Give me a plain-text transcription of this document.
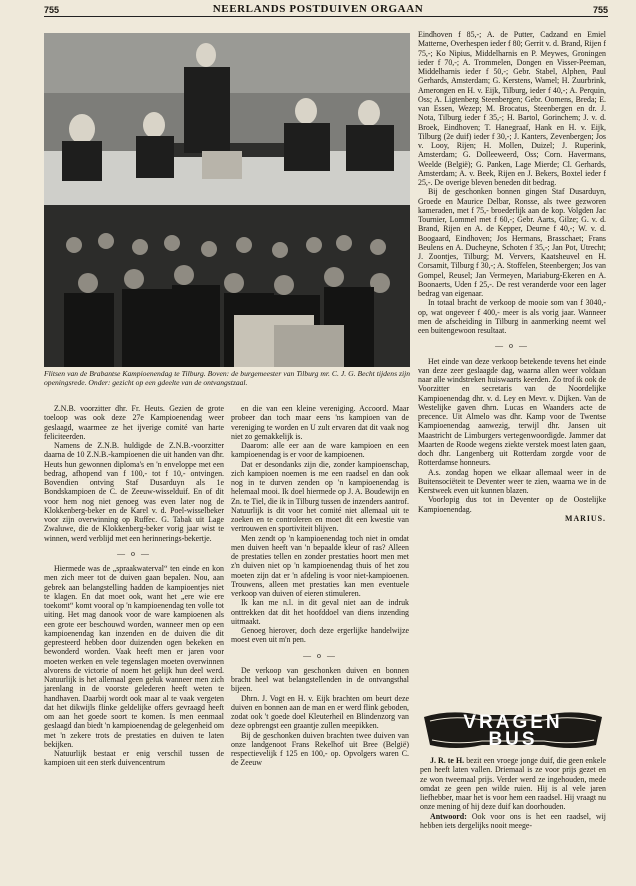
755	NEERLANDS POSTDUIVEN ORGAAN	755
Flitsen van de Brabantse Kampioenendag te Tilburg. Boven: de burgemeester van Tilburg mr. C. J. G. Becht tijdens zijn openingsrede. Onder: gezicht op een gdeelte van de ontvangstzaal.

Z.N.B. voorzitter dhr. Fr. Heuts. Gezien de grote toeloop was ook deze 27e Kampioenendag weer geslaagd, waarmee ze het ijverige comité van harte feliciteerden.

Namens de Z.N.B. huldigde de Z.N.B.-voorzitter daarna de 10 Z.N.B.-kampioenen die uit handen van dhr. Heuts hun gewonnen diploma's en 'n enveloppe met een bedrag, afhopend van f 100,- tot f 10,- ontvingen. Bovendien ontving Staf Dusarduyn als 1e Bondskampioen de C. de Zeeuw-wisselduif. En of dit voor hem nog niet genoeg was even later nog de Klokkenberg-beker en de Karel v. d. Poel-wisselbeker voor zijn overwinning op Ruffec. G. Tabak uit Lage Zwaluwe, die de Klokkenberg-beker vorig jaar wist te winnen, werd verblijd met een herinnerings-bekertje.

— o —

Hiermede was de „spraakwaterval“ ten einde en kon men zich meer tot de duiven gaan bepalen. Nou, aan gebrek aan belangstelling hadden de kampioentjes niet te klagen. En dat moet ook, want het „ere wie ere toekomt“ komt vooral op 'n kampioenendag ten volle tot uiting. Het mag danook voor de ware kampioenen als een grote eer beschouwd worden, wanneer men op een kampioenendag kan inzenden en de duiven die dit gepresteerd hebben door duizenden ogen bekeken en bewonderd worden. Vaak heeft men er jaren voor moeten werken en vele tegenslagen moeten overwinnen alvorens de victorie of noem het gelijk hun deel werd. Natuurlijk is het allemaal geen geluk wanneer men zich jarenlang in de voorste gelederen heeft weten te handhaven. Daarbij wordt ook maar al te vaak vergeten dat het dikwijls flinke geldelijke offers gevraagd heeft om aan het goede soort te komen. Is men eenmaal geslaagd dan biedt 'n kampioenendag de gelegenheid om met 'n zekere trots de prestaties en duiven te laten bekijken.

Natuurlijk bestaat er enig verschil tussen de kampioen uit een sterk duivencentrum

en die van een kleine vereniging. Accoord. Maar probeer dan toch maar eens 'ns kampioen van de vereniging te worden en U zult ervaren dat dit vaak nog niet zo gemakkelijk is.

Daarom: alle eer aan de ware kampioen en een kampioenendag is er voor de kampioenen.

Dat er desondanks zijn die, zonder kampioenschap, zich kampioen noemen is me een raadsel en dan ook nog in te durven zenden op 'n kampioenendag is helemaal mooi. Ik doel hiermede op J. A. Boudewijn en Zn. te Tiel, die ik in Tilburg tussen de inzenders aantrof. Natuurlijk is dit voor het comité niet allemaal uit te zoeken en te controleren en moet dit een kwestie van vertrouwen en sportiviteit blijven.

Men zendt op 'n kampioenendag toch niet in omdat men duiven heeft van 'n bepaalde kleur of ras? Alleen de prestaties tellen en zonder prestaties hoort men met z'n duiven niet op 'n kampioenendag thuis of het zou moeten zijn dat er 'n afdeling is voor niet-kampioenen. Trouwens, alleen met prestaties kan men eventuele verkoop van duiven of eieren stimuleren.

Ik kan me n.l. in dit geval niet aan de indruk onttrekken dat dit het hoofddoel van diens inzending uitmaakt.

Genoeg hierover, doch deze ergerlijke handelwijze moest even uit m'n pen.

— o —

De verkoop van geschonken duiven en bonnen bracht heel wat belangstellenden in de ontvangsthal bijeen.

Dhrn. J. Vogt en H. v. Eijk brachten om beurt deze duiven en bonnen aan de man en er werd flink geboden, zodat ook 't goede doel Kleuterheil en Blindenzorg van deze opbrengst een graantje zullen meepikken.

Bij de geschonken duiven brachten twee duiven van onze landgenoot Frans Rekelhof uit Bree (België) respectievelijk f 125 en 100,- op. Opvolgers waren C. de Zeeuw

Eindhoven f 85,-; A. de Putter, Cadzand en Emiel Matterne, Overhespen ieder f 80; Gerrit v. d. Brand, Rijen f 75,-; Ko Nipius, Middelharnis en P. Meywes, Groningen ieder f 70,-; A. Trommelen, Dongen en Visser-Peeman, Middelharnis ieder f 50,-; Gebr. Stabel, Alphen, Paul Gerhards, Amsterdam; G. Kerstens, Wamel; H. Zuurbrink, Amerongen en H. v. Eijk, Tilburg, ieder f 40,-; A. Perquin, Oss; A. Ligtenberg Steenbergen; Gebr. Oomens, Breda; E. van Essen, Wezep; M. Brocatus, Steenbergen en dr. J. Nota, Tilburg ieder f 35,-; H. Bartol, Gorinchem; J. v. d. Broek, Eindhoven; T. Hanegraaf, Hank en H. v. Eijk, Tilburg (2e duif) ieder f 30,-; J. Kanters, Zevenbergen; Jos v. Looy, Rijen; H. Mollen, Duizel; J. Ruperink, Amsterdam; G. Dolleeweerd, Oss; Corn. Havermans, Weelde (België); G. Panken, Lage Mierde; Cl. Gerhards, Amsterdam; A. v. Beek, Rijen en J. Bekers, Boxtel ieder f 25,-. De overige bleven beneden dit bedrag.

Bij de geschonken bonnen gingen Staf Dusarduyn, Groede en Maurice Delbar, Ronsse, als twee gezworen kameraden, met f 75,- broederlijk aan de kop. Volgden Jac Tournier, Lommel met f 60,-; Gebr. Aarts, Gilze; G. v. d. Brand, Rijen en A. de Kepper, Deurne f 40,-; W. v. d. Boogaard, Eindhoven; Jos Hermans, Brasschaet; Frans Beulens en A. Ducheyne, Schoten f 35,-; Jan Pot, Utrecht; J. Zoontjes, Tilburg; M. Ververs, Kaatsheuvel en H. Corsamit, Tilburg f 30,-; A. Stoffelen, Steenbergen; Jos van Gompel, Reusel; Jan Vermeyen, Mariaburg-Ekeren en A. Boonaerts, Uden f 25,-. De rest veranderde voor een lager bedrag van eigenaar.

In totaal bracht de verkoop de mooie som van f 3040,- op, wat ongeveer f 400,- meer is als vorig jaar. Wanneer men de afscheiding in Tilburg in aanmerking neemt wel een buitengewoon resultaat.

— o —

Het einde van deze verkoop betekende tevens het einde van deze zeer geslaagde dag, waarna allen weer voldaan naar alle windstreken huiswaarts keerden. Zo trof ik ook de Voorzitter en secretaris van de Noordelijke Kampioenendag dhr. v. d. Ley en Mevr. v. Dijken. Van de Westelijke gaven dhrn. Lucas en Waanders acte de precence. Uit Almelo was dhr. Kamp voor de Twentse Kampioenendag aanwezig, terwijl dhr. Jansen uit Maastricht de Limburgers vertegenwoordigde. Jammer dat Maarten de Roode wegens ziekte verstek moest laten gaan, doch dhr. Langenberg uit Rotterdam zorgde voor de Rotterdamse honneurs.

A.s. zondag hopen we elkaar allemaal weer in de Buitensociëteit te Deventer weer te zien, waarna we in de Kerstweek even uit kunnen blazen.

Voorlopig dus tot in Deventer op de Oostelijke Kampioenendag.

MARIUS.

VRAGEN
BUS

J. R. te H. bezit een vroege jonge duif, die geen enkele pen heeft laten vallen. Driemaal is ze voor prijs gezet en ze won tweemaal prijs. Verder werd ze ingehouden, mede omdat ze geen pen wilde ruien. Hij is al vele jaren liefhebber, maar het is voor hem een raadsel. Hij vraagt nu onze mening of hij deze duif kan doorhouden.

Antwoord: Ook voor ons is het een raadsel, wij hebben iets dergelijks nooit meege-
